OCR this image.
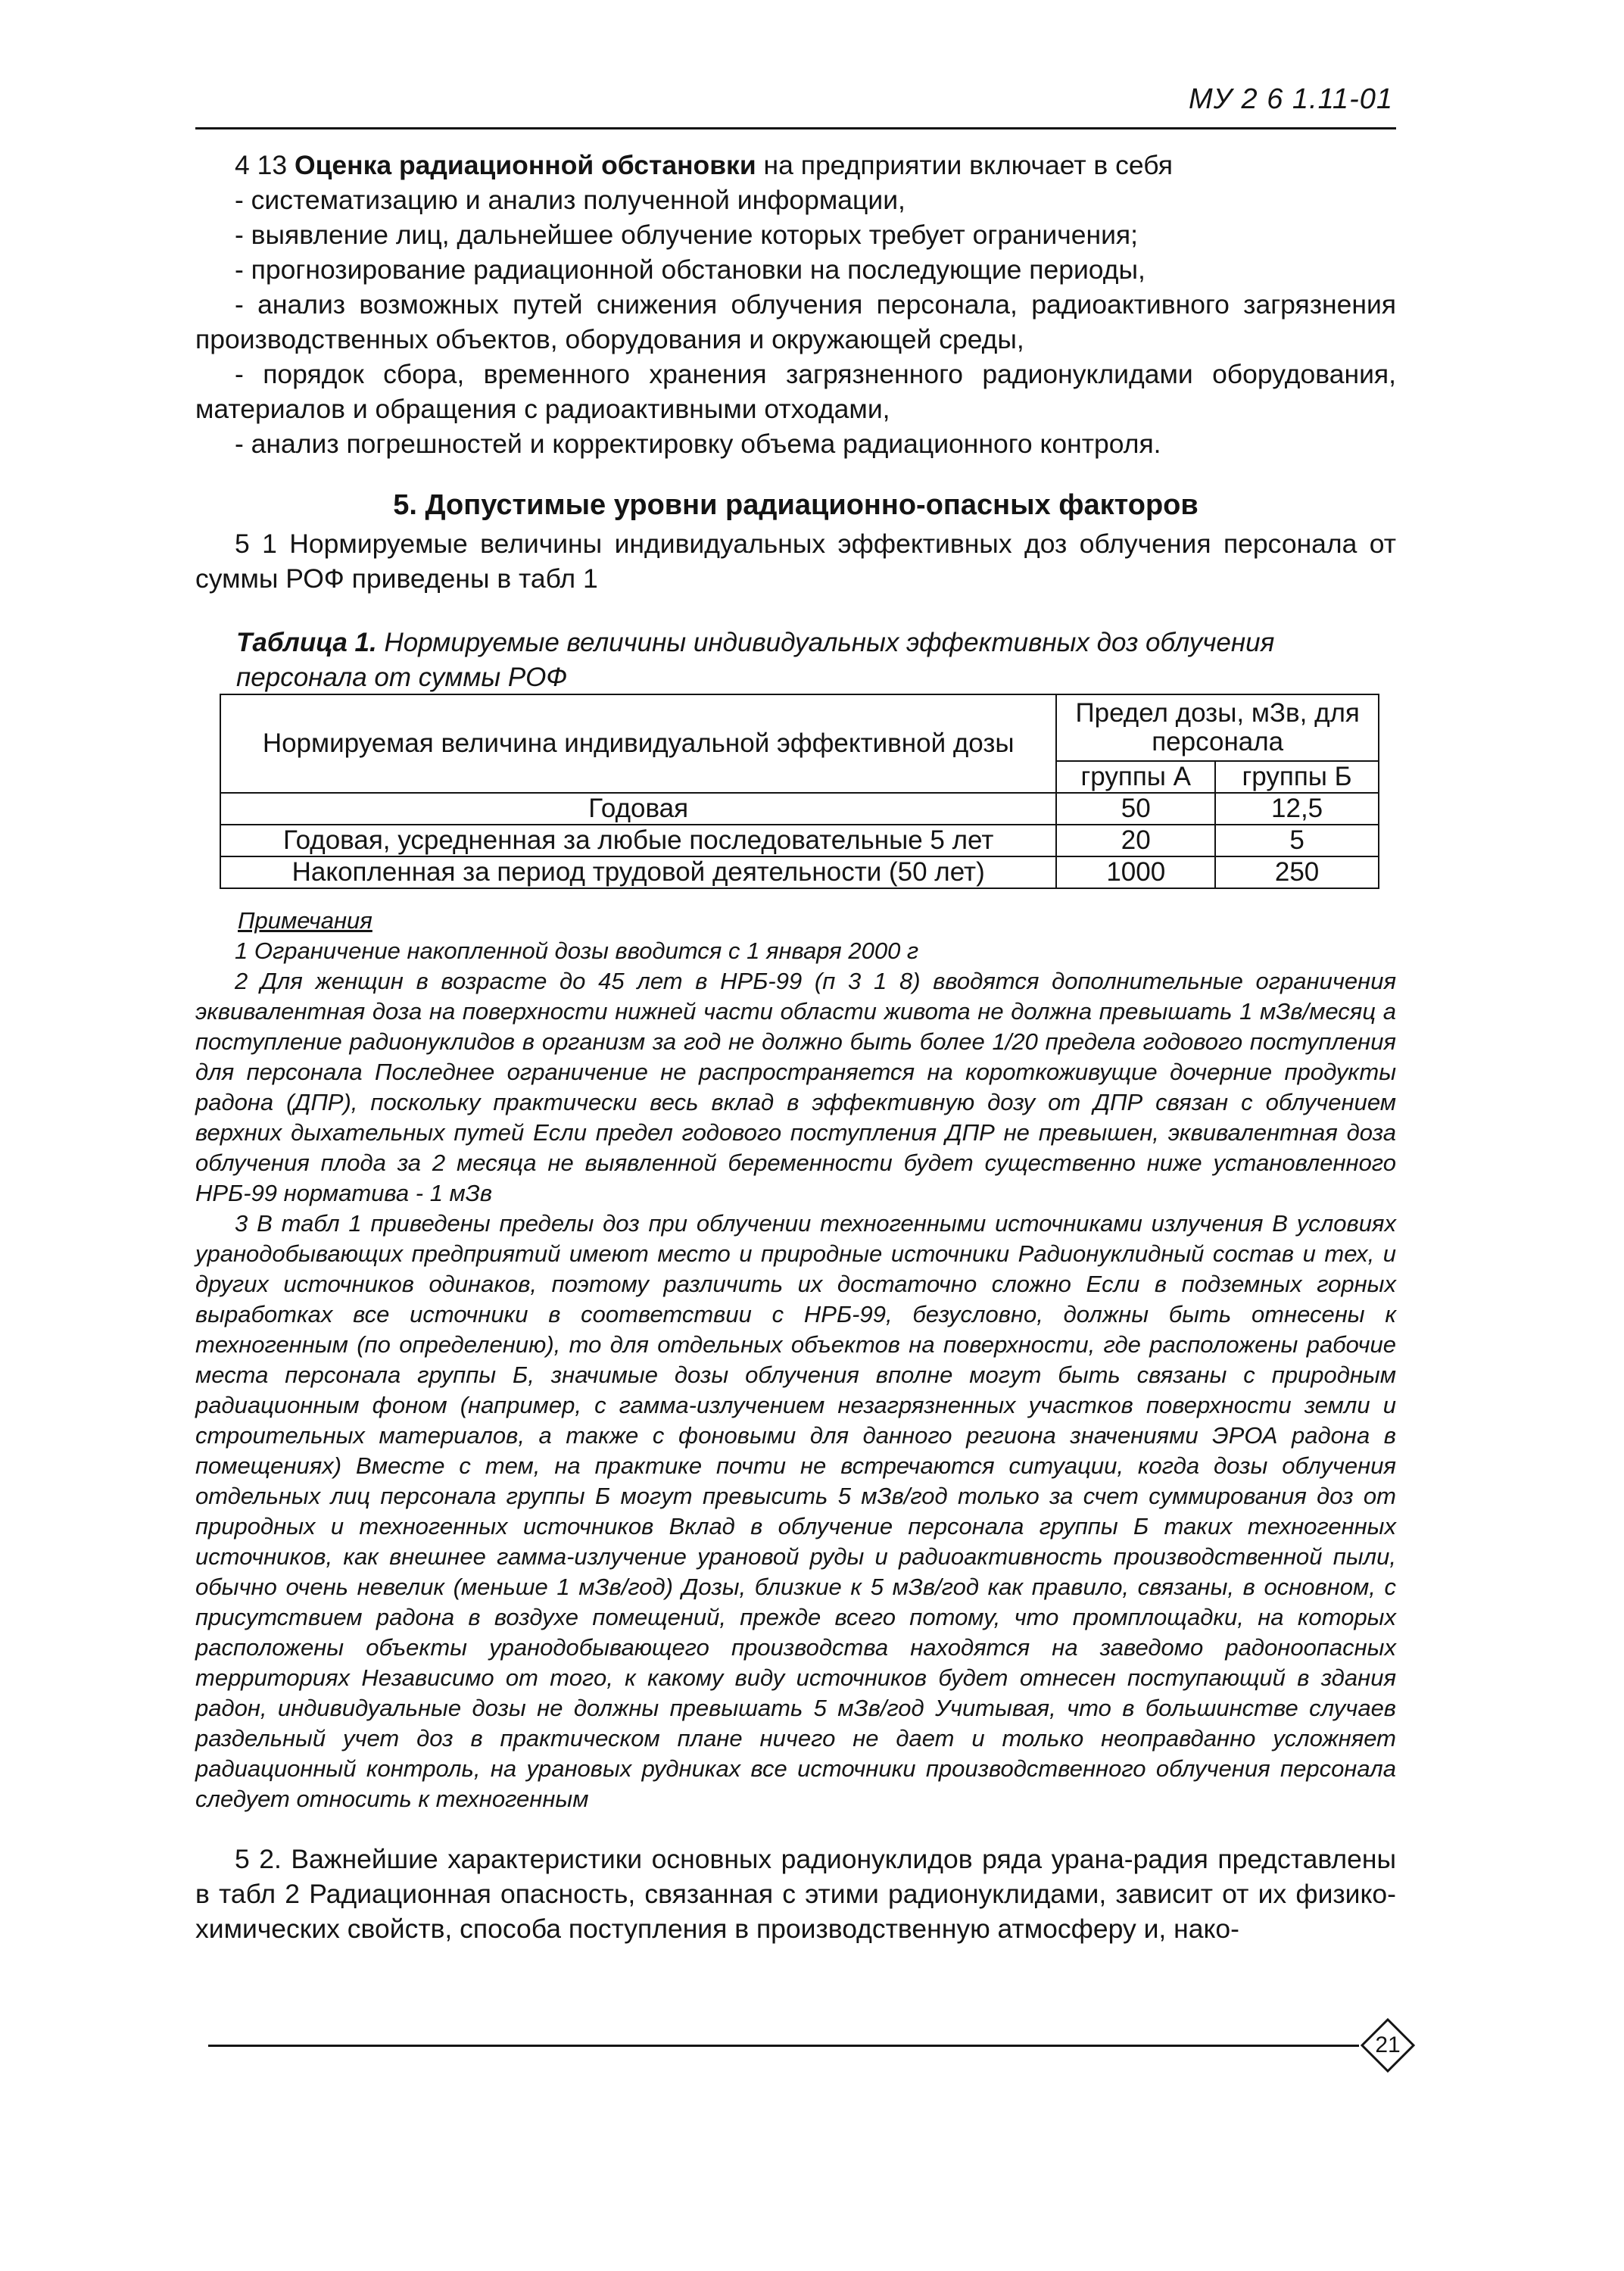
МУ 2 6 1.11-01

4 13 Оценка радиационной обстановки на предприятии включает в себя

- систематизацию и анализ полученной информации,

- выявление лиц, дальнейшее облучение которых требует ограничения;

- прогнозирование радиационной обстановки на последующие периоды,

- анализ возможных путей снижения облучения персонала, радиоактивного загрязнения производственных объектов, оборудования и окружающей среды,

- порядок сбора, временного хранения загрязненного радионуклидами оборудования, материалов и обращения с радиоактивными отходами,

- анализ погрешностей и корректировку объема радиационного контроля.

5. Допустимые уровни радиационно-опасных факторов

5 1 Нормируемые величины индивидуальных эффективных доз облучения персонала от суммы РОФ приведены в табл 1

Таблица 1. Нормируемые величины индивидуальных эффективных доз облучения персонала от суммы РОФ
Нормируемая величина индивидуальной эффективной дозы	Предел дозы, мЗв, для персонала	
	группы А	группы Б
Годовая	50	12,5
Годовая, усредненная за любые последовательные 5 лет	20	5
Накопленная за период трудовой деятельности (50 лет)	1000	250

Примечания

1 Ограничение накопленной дозы вводится с 1 января 2000 г

2 Для женщин в возрасте до 45 лет в НРБ-99 (п 3 1 8) вводятся дополнительные ограничения эквивалентная доза на поверхности нижней части области живота не должна превышать 1 мЗв/месяц а поступление радионуклидов в организм за год не должно быть более 1/20 предела годового поступления для персонала Последнее ограничение не распространяется на короткоживущие дочерние продукты радона (ДПР), поскольку практически весь вклад в эффективную дозу от ДПР связан с облучением верхних дыхательных путей Если предел годового поступления ДПР не превышен, эквивалентная доза облучения плода за 2 месяца не выявленной беременности будет существенно ниже установленного НРБ-99 норматива - 1 мЗв

3 В табл 1 приведены пределы доз при облучении техногенными источниками излучения В условиях уранодобывающих предприятий имеют место и природные источники Радионуклидный состав и тех, и других источников одинаков, поэтому различить их достаточно сложно Если в подземных горных выработках все источники в соответствии с НРБ-99, безусловно, должны быть отнесены к техногенным (по определению), то для отдельных объектов на поверхности, где расположены рабочие места персонала группы Б, значимые дозы облучения вполне могут быть связаны с природным радиационным фоном (например, с гамма-излучением незагрязненных участков поверхности земли и строительных материалов, а также с фоновыми для данного региона значениями ЭРОА радона в помещениях) Вместе с тем, на практике почти не встречаются ситуации, когда дозы облучения отдельных лиц персонала группы Б могут превысить 5 мЗв/год только за счет суммирования доз от природных и техногенных источников Вклад в облучение персонала группы Б таких техногенных источников, как внешнее гамма-излучение урановой руды и радиоактивность производственной пыли, обычно очень невелик (меньше 1 мЗв/год) Дозы, близкие к 5 мЗв/год как правило, связаны, в основном, с присутствием радона в воздухе помещений, прежде всего потому, что промплощадки, на которых расположены объекты уранодобывающего производства находятся на заведомо радоноопасных территориях Независимо от того, к какому виду источников будет отнесен поступающий в здания радон, индивидуальные дозы не должны превышать 5 мЗв/год Учитывая, что в большинстве случаев раздельный учет доз в практическом плане ничего не дает и только неоправданно усложняет радиационный контроль, на урановых рудниках все источники производственного облучения персонала следует относить к техногенным

5 2. Важнейшие характеристики основных радионуклидов ряда урана-радия представлены в табл 2 Радиационная опасность, связанная с этими радионуклидами, зависит от их физико-химических свойств, способа поступления в производственную атмосферу и, нако-

21
